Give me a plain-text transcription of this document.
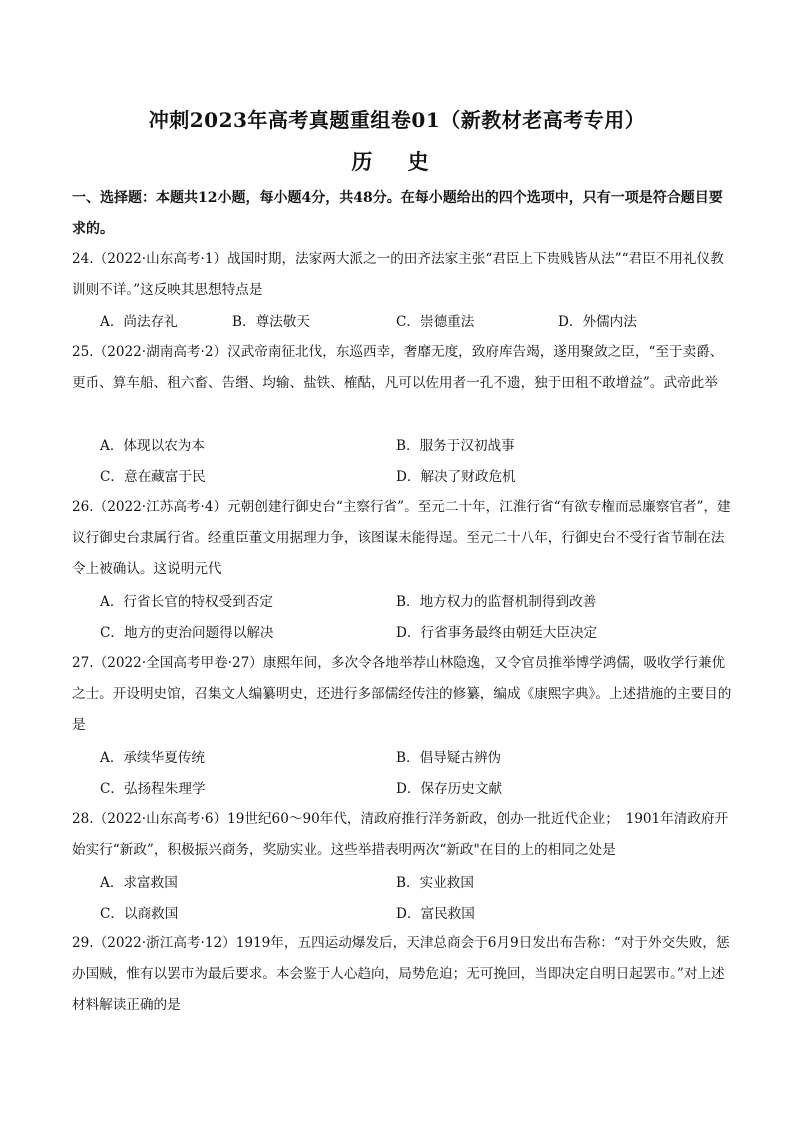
冲刺2023年高考真题重组卷01（新教材老高考专用）
历 史
一、选择题：本题共12小题，每小题4分，共48分。在每小题给出的四个选项中，只有一项是符合题目要求的。
24.（2022·山东高考·1）战国时期，法家两大派之一的田齐法家主张“君臣上下贵贱皆从法”“君臣不用礼仪教训则不详。”这反映其思想特点是
A．尚法存礼	B．尊法敬天	C．崇德重法	D．外儒内法
25.（2022·湖南高考·2）汉武帝南征北伐，东巡西幸，奢靡无度，致府库告竭，遂用聚敛之臣，“至于卖爵、更币、算车船、租六畜、告缗、均输、盐铁、榷酤，凡可以佐用者一孔不遗，独于田租不敢增益”。武帝此举
A．体现以农为本	B．服务于汉初战事
C．意在藏富于民	D．解决了财政危机
26.（2022·江苏高考·4）元朝创建行御史台“主察行省”。至元二十年，江淮行省“有欲专権而忌廉察官者”，建议行御史台隶属行省。经重臣董文用据理力争，该图谋未能得逞。至元二十八年，行御史台不受行省节制在法令上被确认。这说明元代
A．行省长官的特权受到否定	B．地方权力的监督机制得到改善
C．地方的吏治问题得以解决	D．行省事务最终由朝廷大臣决定
27.（2022·全国高考甲卷·27）康熙年间，多次令各地举荐山林隐逸，又令官员推举博学鸿儒，吸收学行兼优之士。开设明史馆，召集文人编纂明史，还进行多部儒经传注的修纂，编成《康熙字典》。上述措施的主要目的是
A．承续华夏传统	B．倡导疑古辨伪
C．弘扬程朱理学	D．保存历史文献
28.（2022·山东高考·6）19世纪60～90年代，清政府推行洋务新政，创办一批近代企业；　1901年清政府开始实行“新政”，积极振兴商务，奖励实业。这些举措表明两次“新政"在目的上的相同之处是
A．求富救国	B．实业救国
C．以商救国	D．富民救国
29.（2022·浙江高考·12）1919年，五四运动爆发后，天津总商会于6月9日发出布告称：“对于外交失败，惩办国贼，惟有以罢市为最后要求。本会鉴于人心趋向，局势危迫；无可挽回，当即决定自明日起罢市。”对上述材料解读正确的是
